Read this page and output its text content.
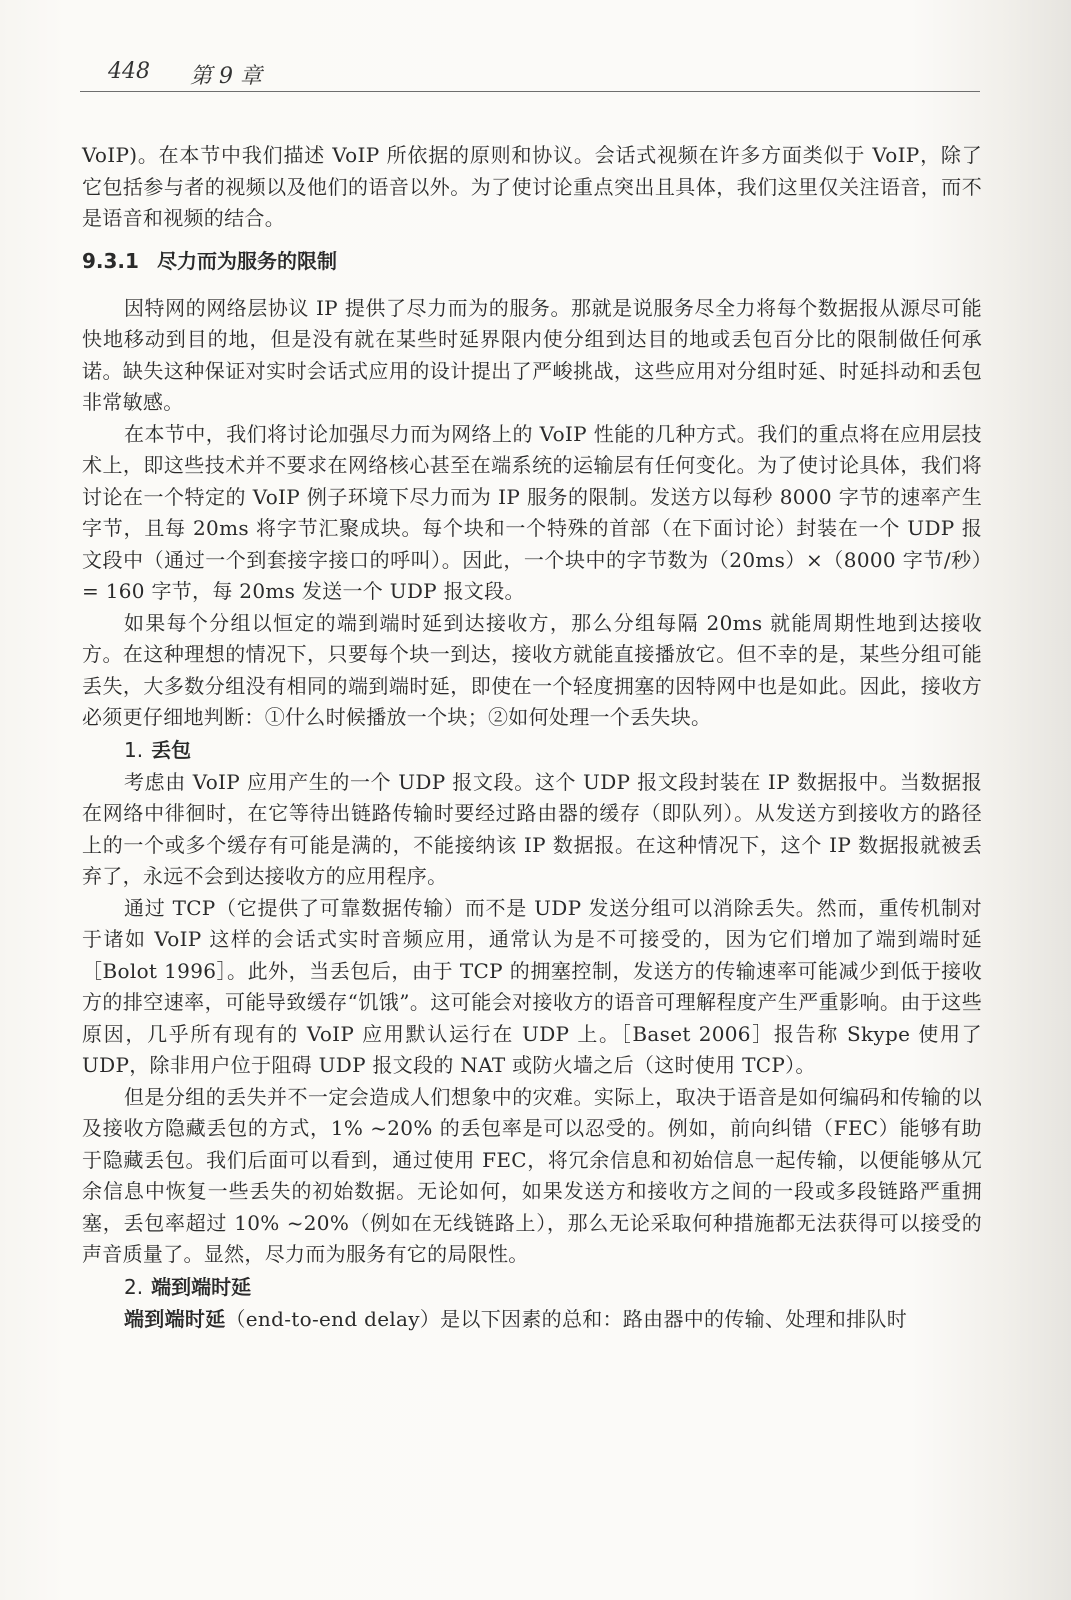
448 第 9 章

VoIP)。在本节中我们描述 VoIP 所依据的原则和协议。会话式视频在许多方面类似于 VoIP，除了它包括参与者的视频以及他们的语音以外。为了使讨论重点突出且具体，我们这里仅关注语音，而不是语音和视频的结合。

9.3.1 尽力而为服务的限制

因特网的网络层协议 IP 提供了尽力而为的服务。那就是说服务尽全力将每个数据报从源尽可能快地移动到目的地，但是没有就在某些时延界限内使分组到达目的地或丢包百分比的限制做任何承诺。缺失这种保证对实时会话式应用的设计提出了严峻挑战，这些应用对分组时延、时延抖动和丢包非常敏感。

在本节中，我们将讨论加强尽力而为网络上的 VoIP 性能的几种方式。我们的重点将在应用层技术上，即这些技术并不要求在网络核心甚至在端系统的运输层有任何变化。为了使讨论具体，我们将讨论在一个特定的 VoIP 例子环境下尽力而为 IP 服务的限制。发送方以每秒 8000 字节的速率产生字节，且每 20ms 将字节汇聚成块。每个块和一个特殊的首部（在下面讨论）封装在一个 UDP 报文段中（通过一个到套接字接口的呼叫）。因此，一个块中的字节数为（20ms）×（8000 字节/秒）= 160 字节，每 20ms 发送一个 UDP 报文段。

如果每个分组以恒定的端到端时延到达接收方，那么分组每隔 20ms 就能周期性地到达接收方。在这种理想的情况下，只要每个块一到达，接收方就能直接播放它。但不幸的是，某些分组可能丢失，大多数分组没有相同的端到端时延，即使在一个轻度拥塞的因特网中也是如此。因此，接收方必须更仔细地判断：①什么时候播放一个块；②如何处理一个丢失块。

1. 丢包

考虑由 VoIP 应用产生的一个 UDP 报文段。这个 UDP 报文段封装在 IP 数据报中。当数据报在网络中徘徊时，在它等待出链路传输时要经过路由器的缓存（即队列）。从发送方到接收方的路径上的一个或多个缓存有可能是满的，不能接纳该 IP 数据报。在这种情况下，这个 IP 数据报就被丢弃了，永远不会到达接收方的应用程序。

通过 TCP（它提供了可靠数据传输）而不是 UDP 发送分组可以消除丢失。然而，重传机制对于诸如 VoIP 这样的会话式实时音频应用，通常认为是不可接受的，因为它们增加了端到端时延［Bolot 1996］。此外，当丢包后，由于 TCP 的拥塞控制，发送方的传输速率可能减少到低于接收方的排空速率，可能导致缓存“饥饿”。这可能会对接收方的语音可理解程度产生严重影响。由于这些原因，几乎所有现有的 VoIP 应用默认运行在 UDP 上。［Baset 2006］报告称 Skype 使用了 UDP，除非用户位于阻碍 UDP 报文段的 NAT 或防火墙之后（这时使用 TCP）。

但是分组的丢失并不一定会造成人们想象中的灾难。实际上，取决于语音是如何编码和传输的以及接收方隐藏丢包的方式，1% ~20% 的丢包率是可以忍受的。例如，前向纠错（FEC）能够有助于隐藏丢包。我们后面可以看到，通过使用 FEC，将冗余信息和初始信息一起传输，以便能够从冗余信息中恢复一些丢失的初始数据。无论如何，如果发送方和接收方之间的一段或多段链路严重拥塞，丢包率超过 10% ~20%（例如在无线链路上），那么无论采取何种措施都无法获得可以接受的声音质量了。显然，尽力而为服务有它的局限性。

2. 端到端时延

端到端时延（end-to-end delay）是以下因素的总和：路由器中的传输、处理和排队时
